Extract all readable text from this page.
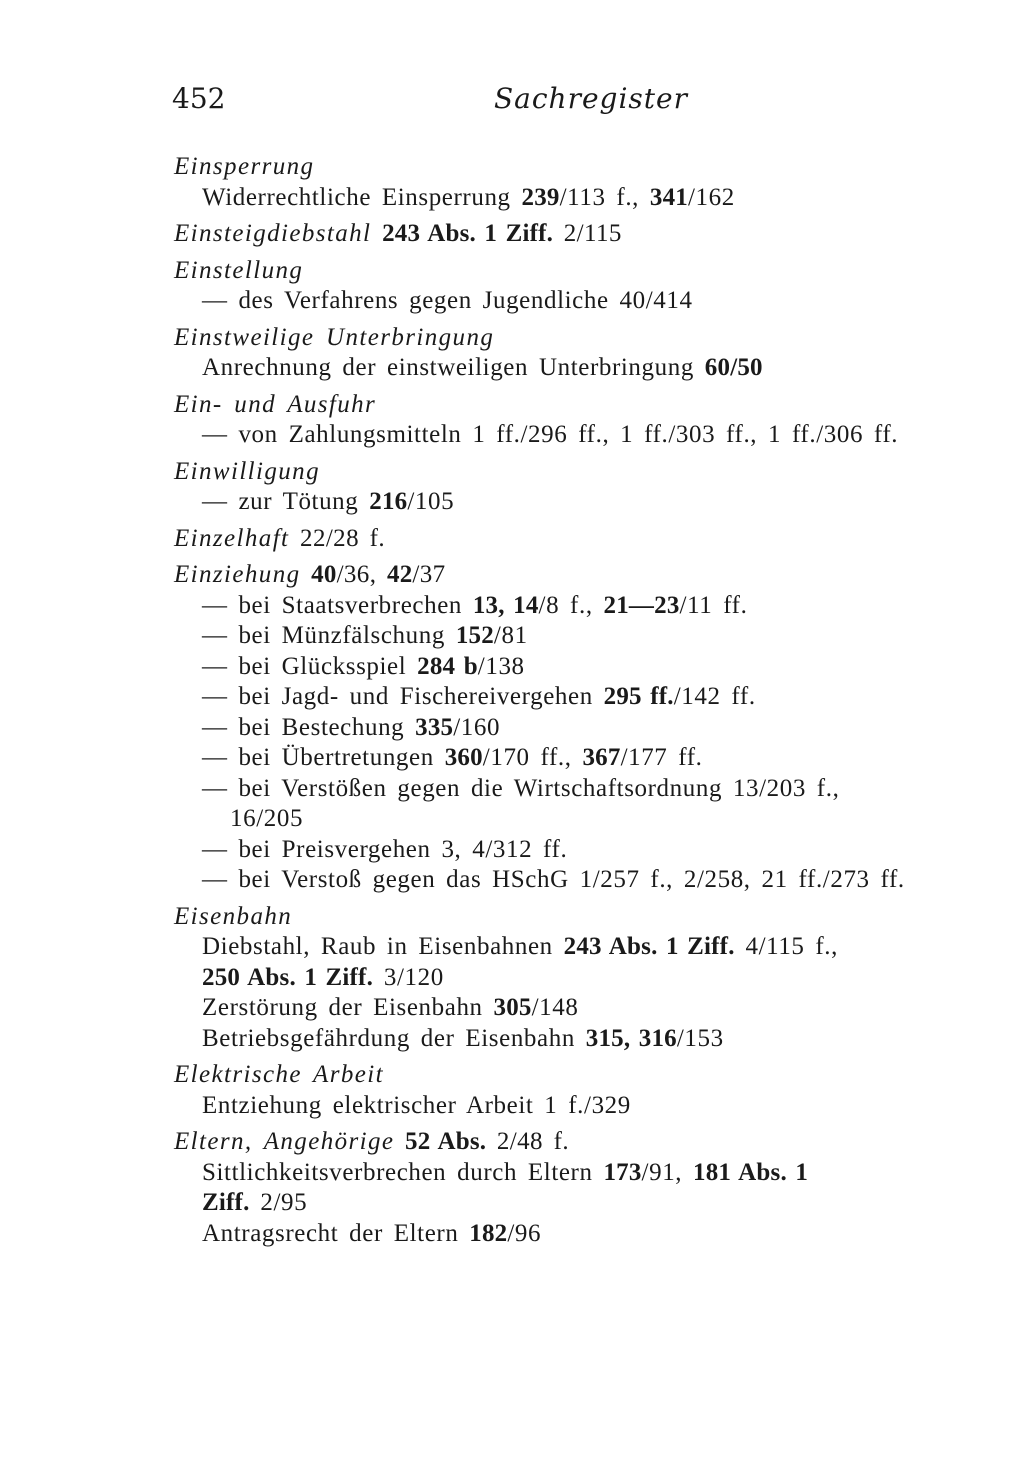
452	Sachregister
Einsperrung
Widerrechtliche Einsperrung 239/113 f., 341/162
Einsteigdiebstahl 243 Abs. 1 Ziff. 2/115
Einstellung
— des Verfahrens gegen Jugendliche 40/414
Einstweilige Unterbringung
Anrechnung der einstweiligen Unterbringung 60/50
Ein- und Ausfuhr
— von Zahlungsmitteln 1 ff./296 ff., 1 ff./303 ff., 1 ff./306 ff.
Einwilligung
— zur Tötung 216/105
Einzelhaft 22/28 f.
Einziehung 40/36, 42/37
— bei Staatsverbrechen 13, 14/8 f., 21—23/11 ff.
— bei Münzfälschung 152/81
— bei Glücksspiel 284 b/138
— bei Jagd- und Fischereivergehen 295 ff./142 ff.
— bei Bestechung 335/160
— bei Übertretungen 360/170 ff., 367/177 ff.
— bei Verstößen gegen die Wirtschaftsordnung 13/203 f.,
16/205
— bei Preisvergehen 3, 4/312 ff.
— bei Verstoß gegen das HSchG 1/257 f., 2/258, 21 ff./273 ff.
Eisenbahn
Diebstahl, Raub in Eisenbahnen 243 Abs. 1 Ziff. 4/115 f.,
250 Abs. 1 Ziff. 3/120
Zerstörung der Eisenbahn 305/148
Betriebsgefährdung der Eisenbahn 315, 316/153
Elektrische Arbeit
Entziehung elektrischer Arbeit 1 f./329
Eltern, Angehörige 52 Abs. 2/48 f.
Sittlichkeitsverbrechen durch Eltern 173/91, 181 Abs. 1
Ziff. 2/95
Antragsrecht der Eltern 182/96
